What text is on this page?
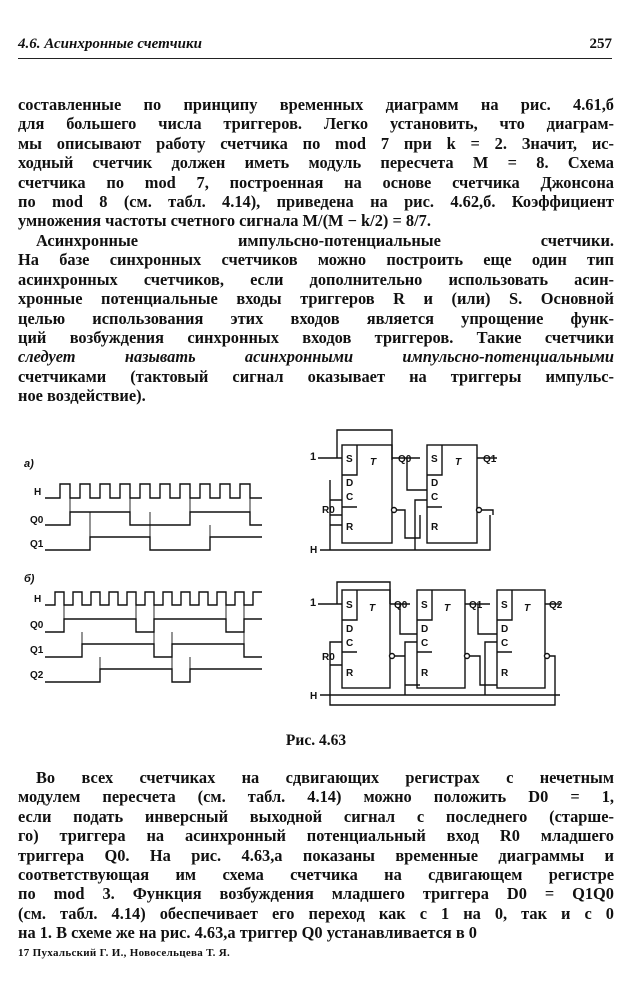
4.6. Асинхронные счетчики	257
составленные по принципу временных диаграмм на рис. 4.61,б
для большего числа триггеров. Легко установить, что диаграм-
мы описывают работу счетчика по mod 7 при k = 2. Значит, ис-
ходный счетчик должен иметь модуль пересчета M = 8. Схема
счетчика по mod 7, построенная на основе счетчика Джонсона
по mod 8 (см. табл. 4.14), приведена на рис. 4.62,б. Коэффициент
умножения частоты счетного сигнала M/(M − k/2) = 8/7.
Асинхронные импульсно-потенциальные счетчики.
На базе синхронных счетчиков можно построить еще один тип
асинхронных счетчиков, если дополнительно использовать асин-
хронные потенциальные входы триггеров R и (или) S. Основной
целью использования этих входов является упрощение функ-
ций возбуждения синхронных входов триггеров. Такие счетчики
следует называть асинхронными импульсно-потенциальными
счетчиками (тактовый сигнал оказывает на триггеры импульс-
ное воздействие).
а)
H
Q0
Q1
1	S T
D
C
R
S T
D
C
R
Q0	Q1
R0
H
б)
H
Q0
Q1
Q2
1	S T
D
C
R
S T
D
C
R
S T
D
C
R
Q0	Q1	Q2
R0
H
Рис. 4.63
Во всех счетчиках на сдвигающих регистрах с нечетным
модулем пересчета (см. табл. 4.14) можно положить D0 = 1,
если подать инверсный выходной сигнал с последнего (старше-
го) триггера на асинхронный потенциальный вход R0 младшего
триггера Q0. На рис. 4.63,а показаны временные диаграммы и
соответствующая им схема счетчика на сдвигающем регистре
по mod 3. Функция возбуждения младшего триггера D0 = Q1Q0
(см. табл. 4.14) обеспечивает его переход как с 1 на 0, так и с 0
на 1. В схеме же на рис. 4.63,а триггер Q0 устанавливается в 0
17 Пухальский Г. И., Новосельцева Т. Я.
